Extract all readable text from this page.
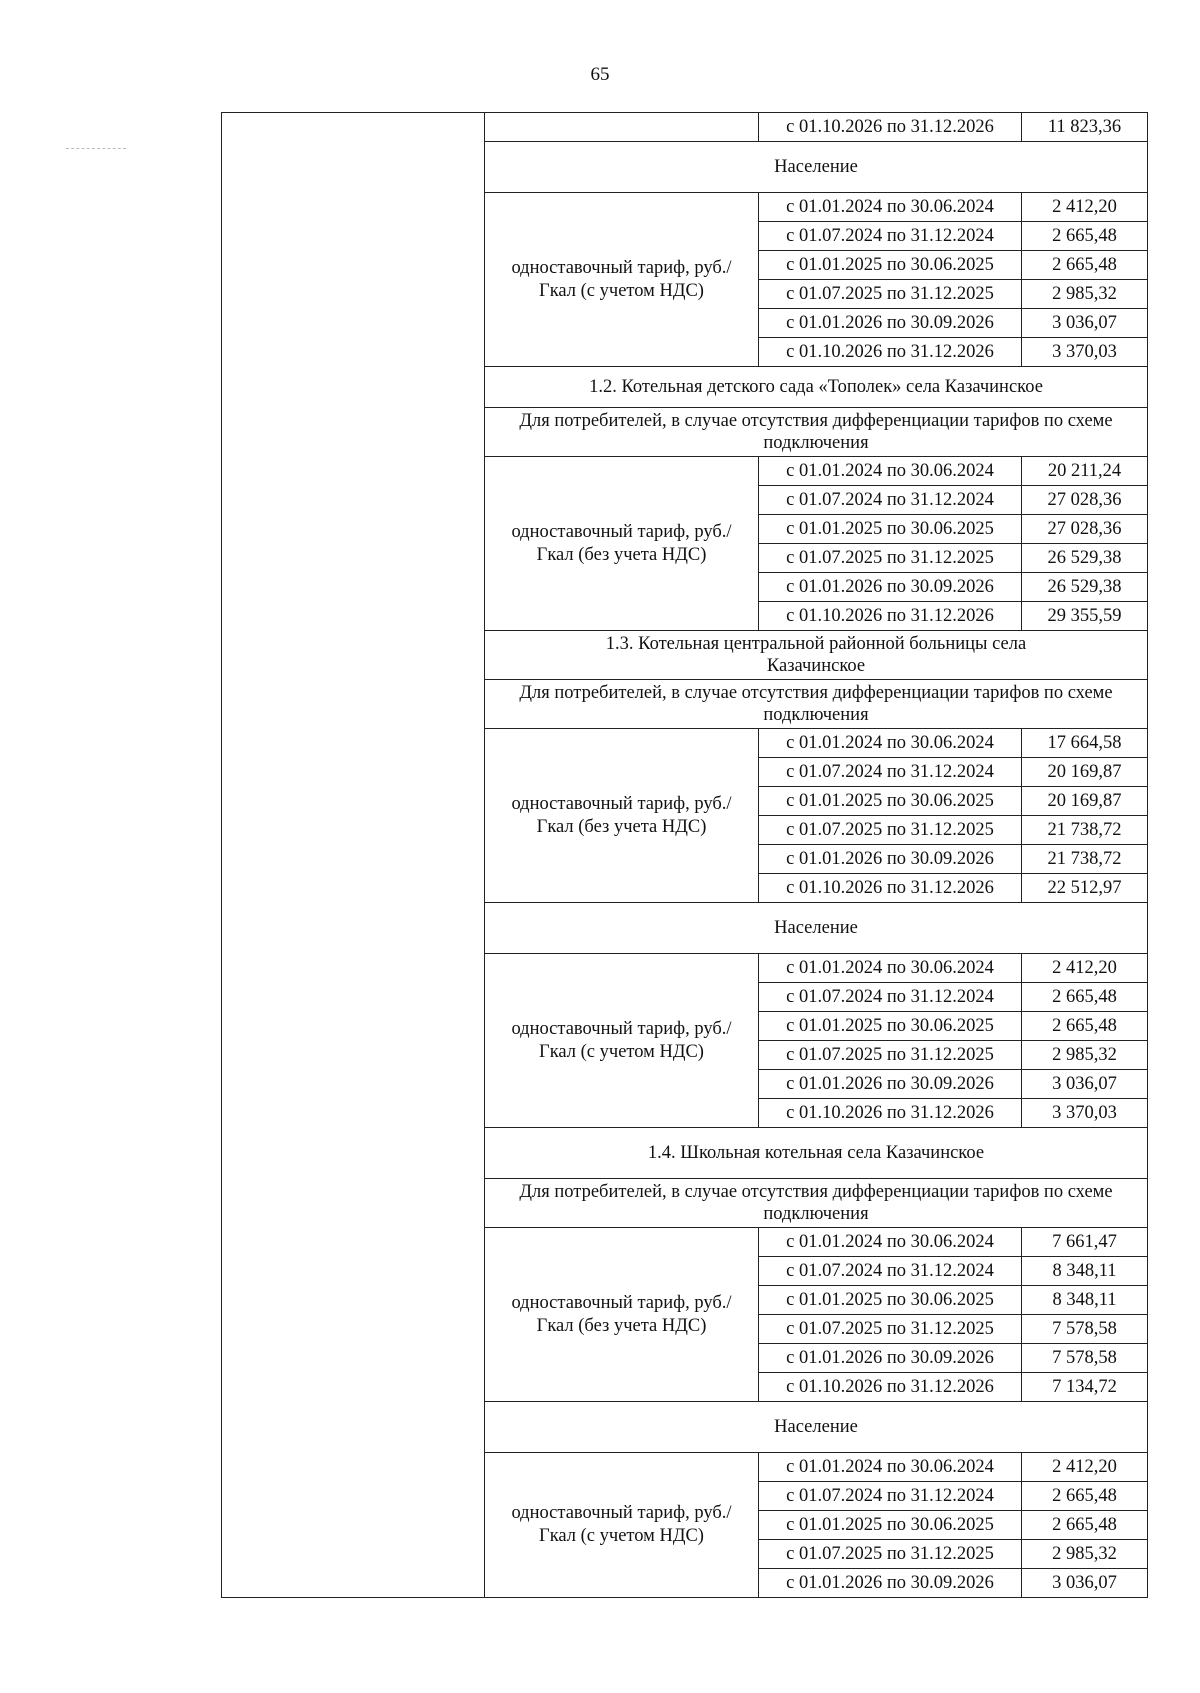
65
		с 01.10.2026 по 31.12.2026	11 823,36
	Население		
	одноставочный тариф, руб./Гкал (с учетом НДС)	с 01.01.2024 по 30.06.2024	2 412,20
		с 01.07.2024 по 31.12.2024	2 665,48
		с 01.01.2025 по 30.06.2025	2 665,48
		с 01.07.2025 по 31.12.2025	2 985,32
		с 01.01.2026 по 30.09.2026	3 036,07
		с 01.10.2026 по 31.12.2026	3 370,03
	1.2. Котельная детского сада «Тополек» села Казачинское		
	Для потребителей, в случае отсутствия дифференциации тарифов по схеме подключения		
	одноставочный тариф, руб./Гкал (без учета НДС)	с 01.01.2024 по 30.06.2024	20 211,24
		с 01.07.2024 по 31.12.2024	27 028,36
		с 01.01.2025 по 30.06.2025	27 028,36
		с 01.07.2025 по 31.12.2025	26 529,38
		с 01.01.2026 по 30.09.2026	26 529,38
		с 01.10.2026 по 31.12.2026	29 355,59
	1.3. Котельная центральной районной больницы села Казачинское		
	Для потребителей, в случае отсутствия дифференциации тарифов по схеме подключения		
	одноставочный тариф, руб./Гкал (без учета НДС)	с 01.01.2024 по 30.06.2024	17 664,58
		с 01.07.2024 по 31.12.2024	20 169,87
		с 01.01.2025 по 30.06.2025	20 169,87
		с 01.07.2025 по 31.12.2025	21 738,72
		с 01.01.2026 по 30.09.2026	21 738,72
		с 01.10.2026 по 31.12.2026	22 512,97
	Население		
	одноставочный тариф, руб./Гкал (с учетом НДС)	с 01.01.2024 по 30.06.2024	2 412,20
		с 01.07.2024 по 31.12.2024	2 665,48
		с 01.01.2025 по 30.06.2025	2 665,48
		с 01.07.2025 по 31.12.2025	2 985,32
		с 01.01.2026 по 30.09.2026	3 036,07
		с 01.10.2026 по 31.12.2026	3 370,03
	1.4. Школьная котельная села Казачинское		
	Для потребителей, в случае отсутствия дифференциации тарифов по схеме подключения		
	одноставочный тариф, руб./Гкал (без учета НДС)	с 01.01.2024 по 30.06.2024	7 661,47
		с 01.07.2024 по 31.12.2024	8 348,11
		с 01.01.2025 по 30.06.2025	8 348,11
		с 01.07.2025 по 31.12.2025	7 578,58
		с 01.01.2026 по 30.09.2026	7 578,58
		с 01.10.2026 по 31.12.2026	7 134,72
	Население		
	одноставочный тариф, руб./Гкал (с учетом НДС)	с 01.01.2024 по 30.06.2024	2 412,20
		с 01.07.2024 по 31.12.2024	2 665,48
		с 01.01.2025 по 30.06.2025	2 665,48
		с 01.07.2025 по 31.12.2025	2 985,32
		с 01.01.2026 по 30.09.2026	3 036,07
